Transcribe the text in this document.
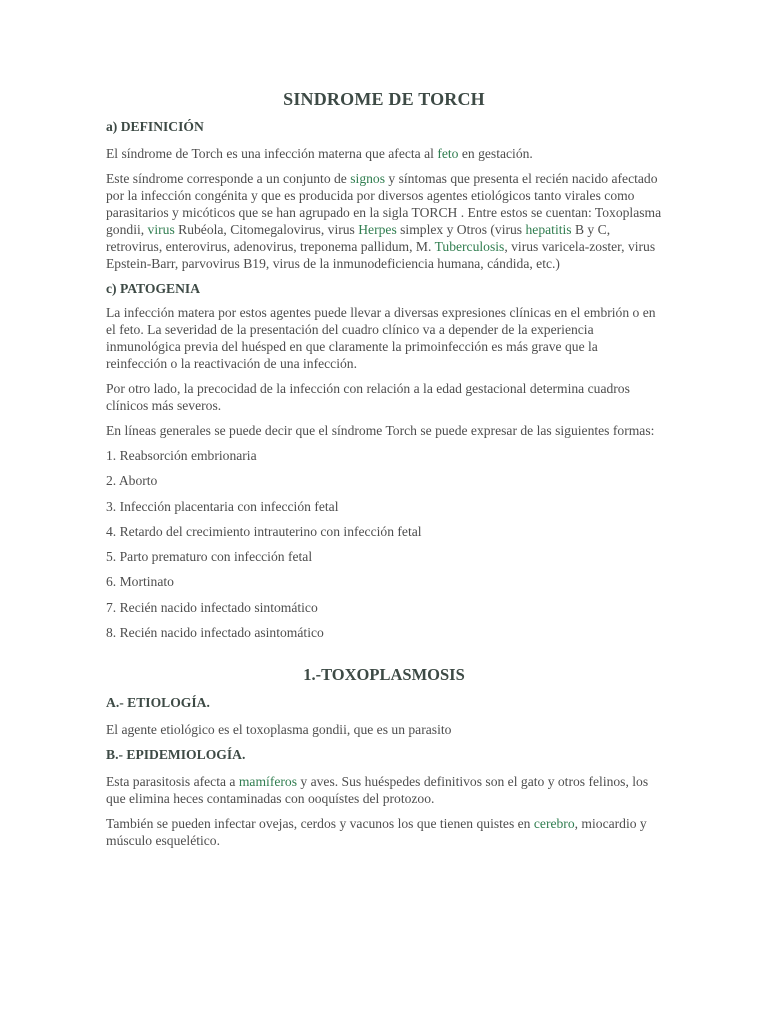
SINDROME DE TORCH
a) DEFINICIÓN

El síndrome de Torch es una infección materna que afecta al feto en gestación.

Este síndrome corresponde a un conjunto de signos y síntomas que presenta el recién nacido afectado por la infección congénita y que es producida por diversos agentes etiológicos tanto virales como parasitarios y micóticos que se han agrupado en la sigla TORCH . Entre estos se cuentan: Toxoplasma gondii, virus Rubéola, Citomegalovirus, virus Herpes simplex y Otros (virus hepatitis B y C, retrovirus, enterovirus, adenovirus, treponema pallidum, M. Tuberculosis, virus varicela-zoster, virus Epstein-Barr, parvovirus B19, virus de la inmunodeficiencia humana, cándida, etc.)

c) PATOGENIA

La infección matera por estos agentes puede llevar a diversas expresiones clínicas en el embrión o en el feto. La severidad de la presentación del cuadro clínico va a depender de la experiencia inmunológica previa del huésped en que claramente la primoinfección es más grave que la reinfección o la reactivación de una infección.

Por otro lado, la precocidad de la infección con relación a la edad gestacional determina cuadros clínicos más severos.

En líneas generales se puede decir que el síndrome Torch se puede expresar de las siguientes formas:

1. Reabsorción embrionaria
2. Aborto
3. Infección placentaria con infección fetal
4. Retardo del crecimiento intrauterino con infección fetal
5. Parto prematuro con infección fetal
6. Mortinato
7. Recién nacido infectado sintomático
8. Recién nacido infectado asintomático
1.-TOXOPLASMOSIS
A.- ETIOLOGÍA.

El agente etiológico es el toxoplasma gondii, que es un parasito

B.- EPIDEMIOLOGÍA.

Esta parasitosis afecta a mamíferos y aves. Sus huéspedes definitivos son el gato y otros felinos, los que elimina heces contaminadas con ooquístes del protozoo.

También se pueden infectar ovejas, cerdos y vacunos los que tienen quistes en cerebro, miocardio y músculo esquelético.
